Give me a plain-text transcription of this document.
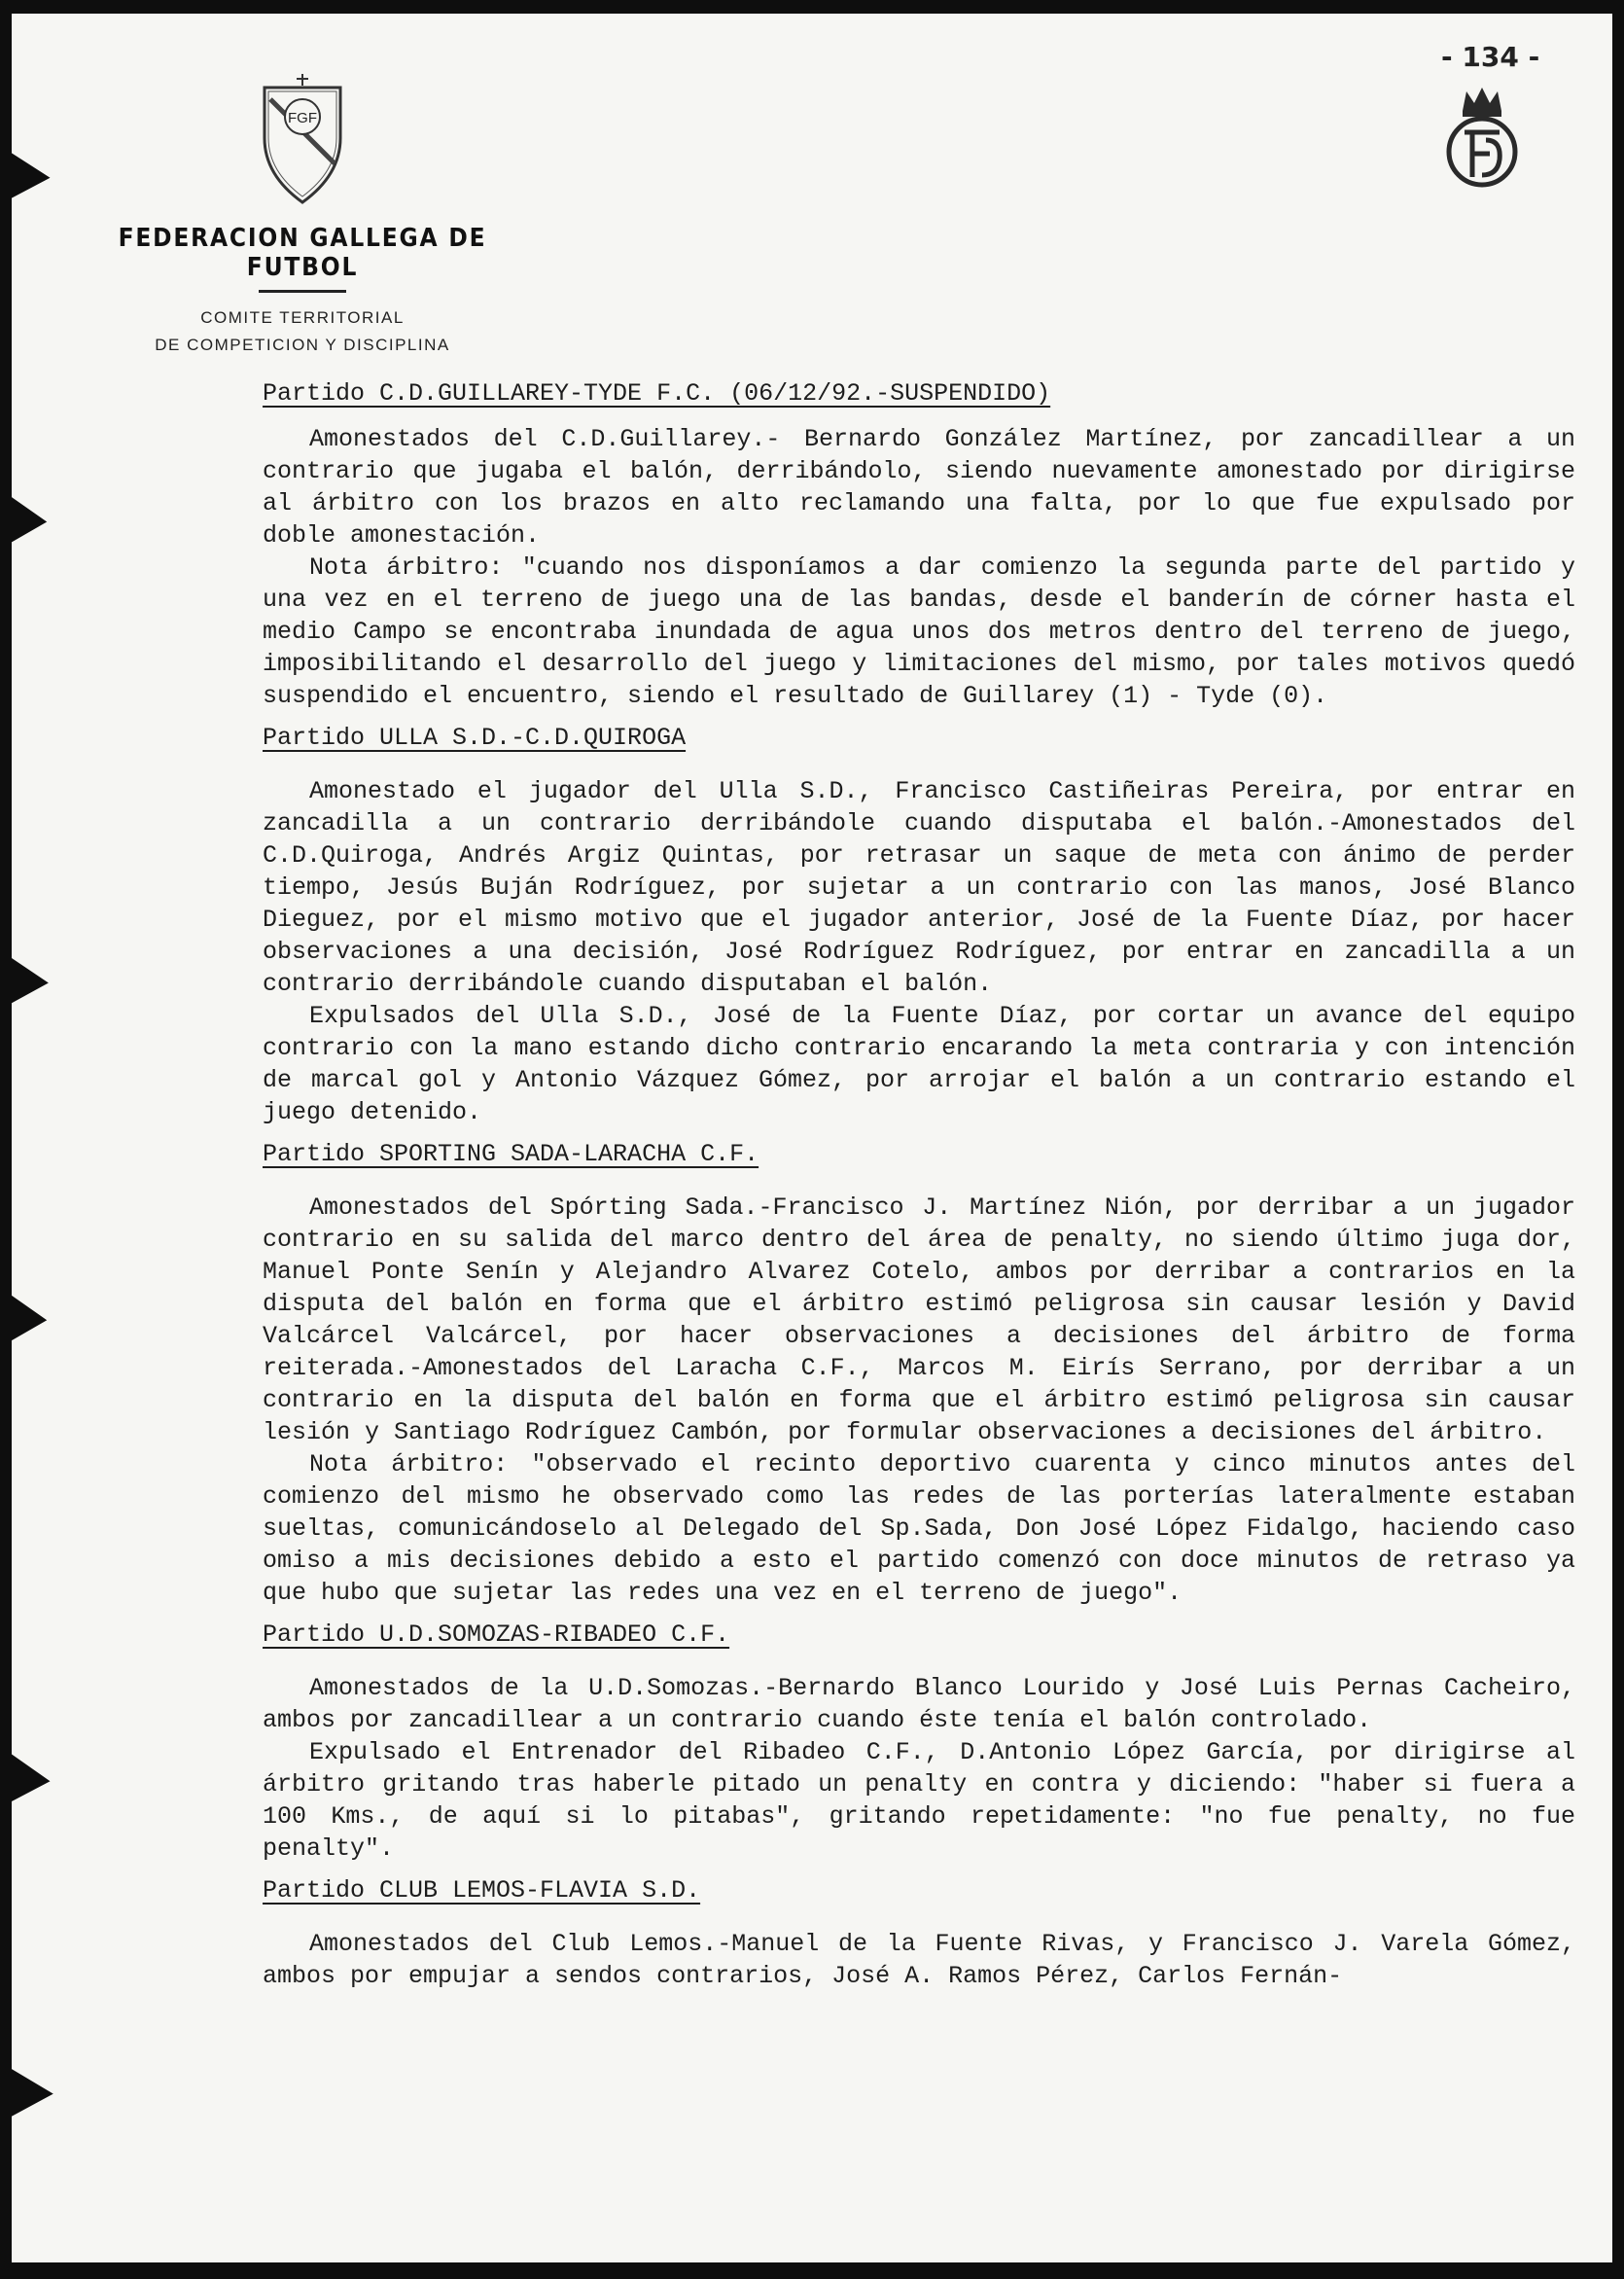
FGF
FEDERACION GALLEGA DE FUTBOL
COMITE TERRITORIAL
DE COMPETICION Y DISCIPLINA
- 134 -
Partido C.D.GUILLAREY-TYDE F.C. (06/12/92.-SUSPENDIDO)

Amonestados del C.D.Guillarey.- Bernardo González Martínez, por zancadillear a un contrario que jugaba el balón, derribándolo, siendo nuevamente amonestado por dirigirse al árbitro con los brazos en alto reclamando una falta, por lo que fue expulsado por doble amonestación.

Nota árbitro: "cuando nos disponíamos a dar comienzo la segunda parte del partido y una vez en el terreno de juego una de las bandas, desde el banderín de córner hasta el medio Campo se encontraba inundada de agua unos dos metros dentro del terreno de juego, imposibilitando el desarrollo del juego y limitaciones del mismo, por tales motivos quedó suspendido el encuentro, siendo el resultado de Guillarey (1) - Tyde (0).

Partido ULLA S.D.-C.D.QUIROGA

Amonestado el jugador del Ulla S.D., Francisco Castiñeiras Pereira, por entrar en zancadilla a un contrario derribándole cuando disputaba el balón.-Amonestados del C.D.Quiroga, Andrés Argiz Quintas, por retrasar un saque de meta con ánimo de perder tiempo, Jesús Buján Rodríguez, por sujetar a un contrario con las manos, José Blanco Dieguez, por el mismo motivo que el jugador anterior, José de la Fuente Díaz, por hacer observaciones a una decisión, José Rodríguez Rodríguez, por entrar en zancadilla a un contrario derribándole cuando disputaban el balón.

Expulsados del Ulla S.D., José de la Fuente Díaz, por cortar un avance del equipo contrario con la mano estando dicho contrario encarando la meta contraria y con intención de marcal gol y Antonio Vázquez Gómez, por arrojar el balón a un contrario estando el juego detenido.

Partido SPORTING SADA-LARACHA C.F.

Amonestados del Spórting Sada.-Francisco J. Martínez Nión, por derribar a un jugador contrario en su salida del marco dentro del área de penalty, no siendo último juga dor, Manuel Ponte Senín y Alejandro Alvarez Cotelo, ambos por derribar a contrarios en la disputa del balón en forma que el árbitro estimó peligrosa sin causar lesión y David Valcárcel Valcárcel, por hacer observaciones a decisiones del árbitro de forma reiterada.-Amonestados del Laracha C.F., Marcos M. Eirís Serrano, por derribar a un contrario en la disputa del balón en forma que el árbitro estimó peligrosa sin causar lesión y Santiago Rodríguez Cambón, por formular observaciones a decisiones del árbitro.

Nota árbitro: "observado el recinto deportivo cuarenta y cinco minutos antes del comienzo del mismo he observado como las redes de las porterías lateralmente estaban sueltas, comunicándoselo al Delegado del Sp.Sada, Don José López Fidalgo, haciendo caso omiso a mis decisiones debido a esto el partido comenzó con doce minutos de retraso ya que hubo que sujetar las redes una vez en el terreno de juego".

Partido U.D.SOMOZAS-RIBADEO C.F.

Amonestados de la U.D.Somozas.-Bernardo Blanco Lourido y José Luis Pernas Cacheiro, ambos por zancadillear a un contrario cuando éste tenía el balón controlado.

Expulsado el Entrenador del Ribadeo C.F., D.Antonio López García, por dirigirse al árbitro gritando tras haberle pitado un penalty en contra y diciendo: "haber si fuera a 100 Kms., de aquí si lo pitabas", gritando repetidamente: "no fue penalty, no fue penalty".

Partido CLUB LEMOS-FLAVIA S.D.

Amonestados del Club Lemos.-Manuel de la Fuente Rivas, y Francisco J. Varela Gómez, ambos por empujar a sendos contrarios, José A. Ramos Pérez, Carlos Fernán-
